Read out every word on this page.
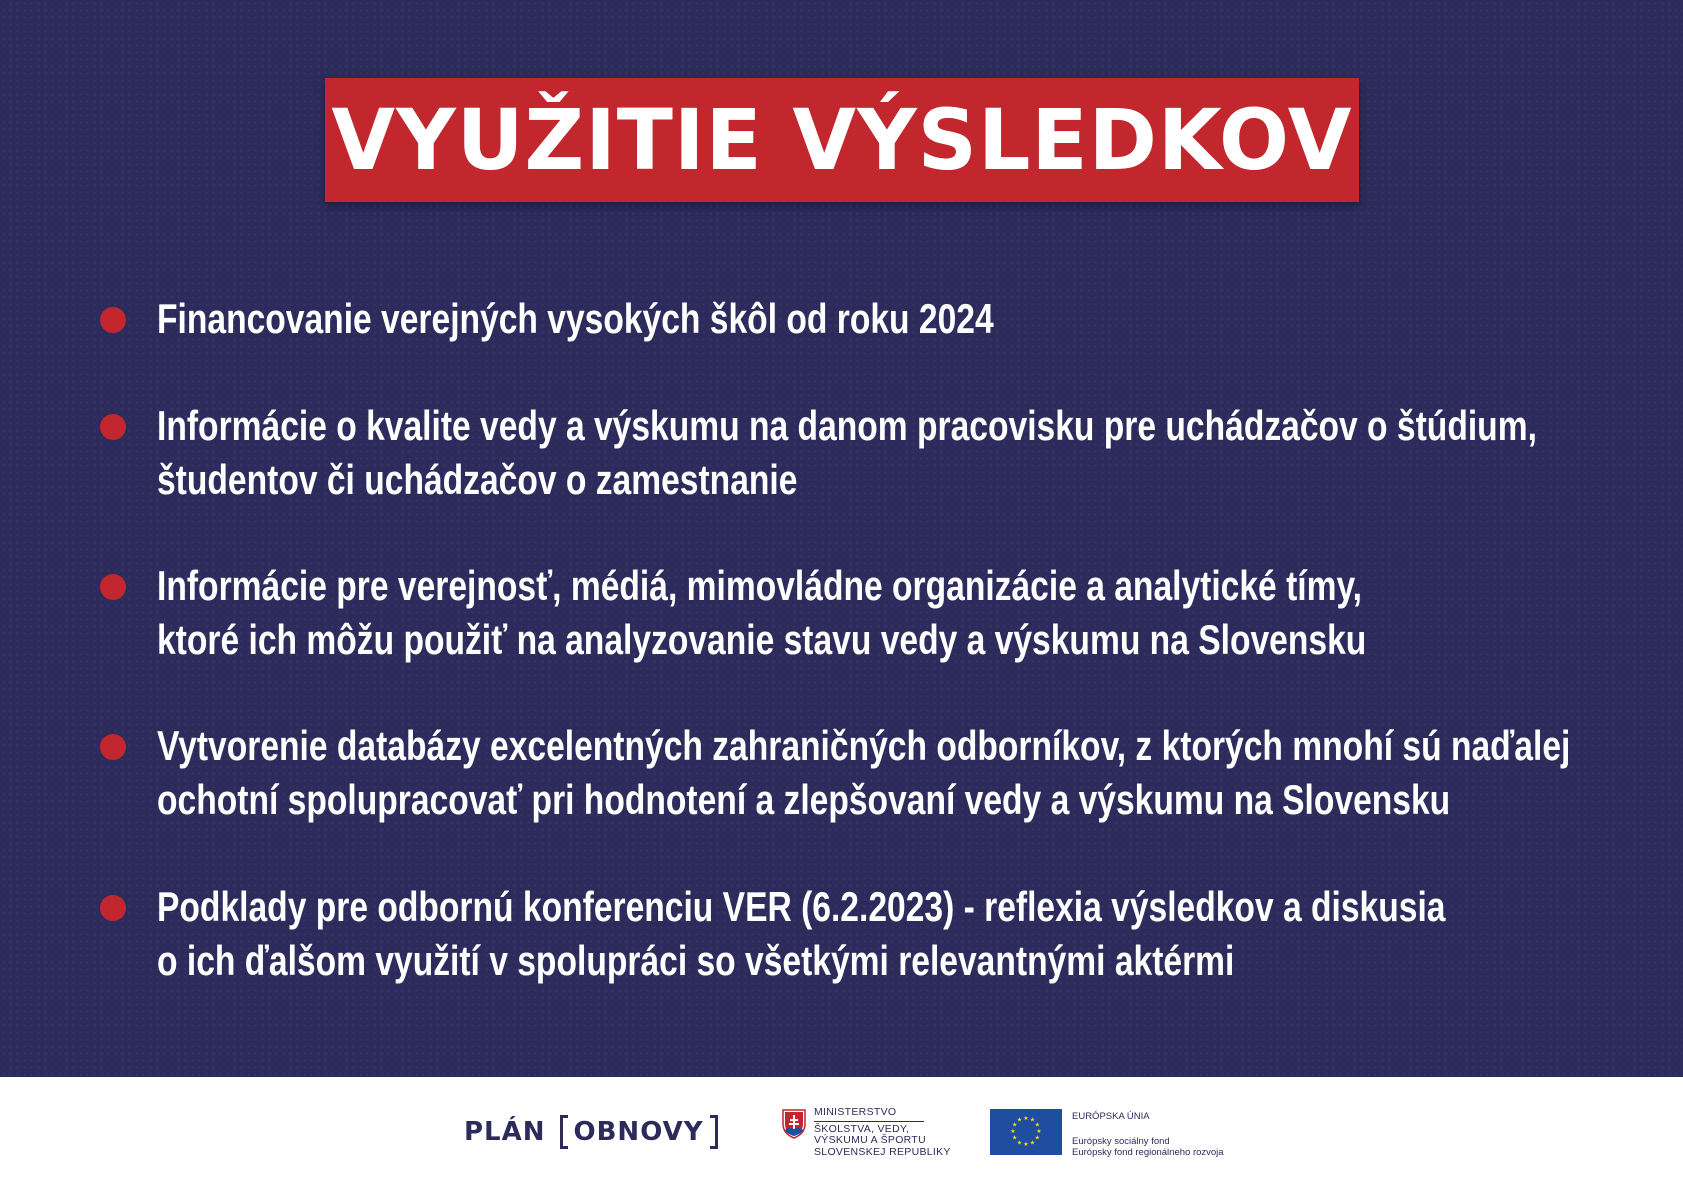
VYUŽITIE VÝSLEDKOV
Financovanie verejných vysokých škôl od roku 2024
Informácie o kvalite vedy a výskumu na danom pracovisku pre uchádzačov o štúdium,
študentov či uchádzačov o zamestnanie
Informácie pre verejnosť, médiá, mimovládne organizácie a analytické tímy,
ktoré ich môžu použiť na analyzovanie stavu vedy a výskumu na Slovensku
Vytvorenie databázy excelentných zahraničných odborníkov, z ktorých mnohí sú naďalej
ochotní spolupracovať pri hodnotení a zlepšovaní vedy a výskumu na Slovensku
Podklady pre odbornú konferenciu VER (6.2.2023) - reflexia výsledkov a diskusia
o ich ďalšom využití v spolupráci so všetkými relevantnými aktérmi
PLÁN OBNOVY
MINISTERSTVO
ŠKOLSTVA, VEDY,
VÝSKUMU A ŠPORTU
SLOVENSKEJ REPUBLIKY
★ ★
★
★
★
★
★
★
★
★
★
★	EURÓPSKA ÚNIA
Európsky sociálny fond
Európsky fond regionálneho rozvoja
